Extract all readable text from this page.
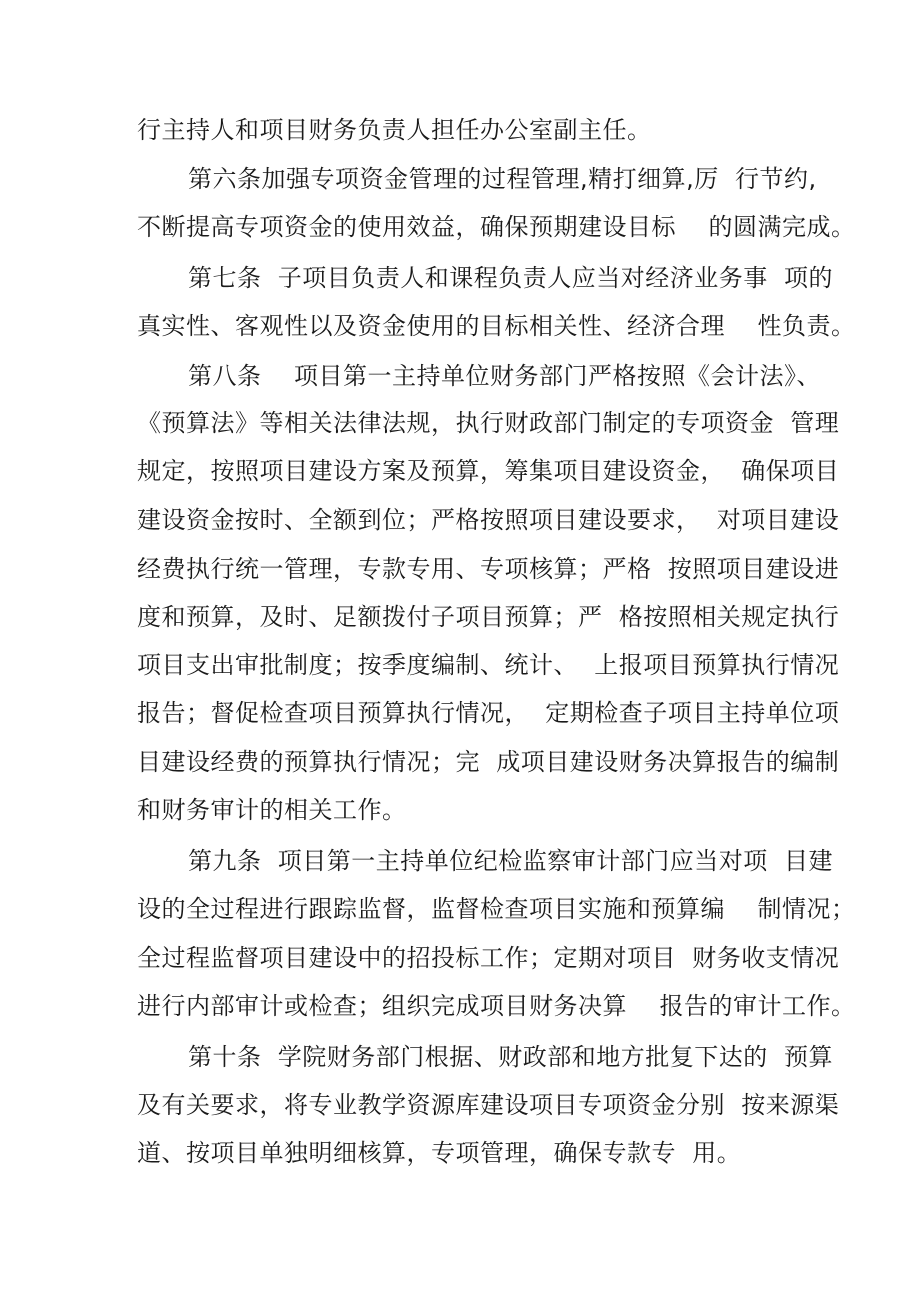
行主持人和项目财务负责人担任办公室副主任。

第六条加强专项资金管理的过程管理,精打细算,厉  行节约,

不断提高专项资金的使用效益，确保预期建设目标    的圆满完成。

第七条  子项目负责人和课程负责人应当对经济业务事  项的

真实性、客观性以及资金使用的目标相关性、经济合理    性负责。

第八条    项目第一主持单位财务部门严格按照《会计法》、

《预算法》等相关法律法规，执行财政部门制定的专项资金  管理

规定，按照项目建设方案及预算，筹集项目建设资金，  确保项目

建设资金按时、全额到位；严格按照项目建设要求，  对项目建设

经费执行统一管理，专款专用、专项核算；严格  按照项目建设进

度和预算，及时、足额拨付子项目预算；严  格按照相关规定执行

项目支出审批制度；按季度编制、统计、  上报项目预算执行情况

报告；督促检查项目预算执行情况，  定期检查子项目主持单位项

目建设经费的预算执行情况；完  成项目建设财务决算报告的编制

和财务审计的相关工作。

第九条  项目第一主持单位纪检监察审计部门应当对项  目建

设的全过程进行跟踪监督，监督检查项目实施和预算编    制情况；

全过程监督项目建设中的招投标工作；定期对项目  财务收支情况

进行内部审计或检查；组织完成项目财务决算    报告的审计工作。

第十条  学院财务部门根据、财政部和地方批复下达的  预算

及有关要求，将专业教学资源库建设项目专项资金分别  按来源渠

道、按项目单独明细核算，专项管理，确保专款专  用。
